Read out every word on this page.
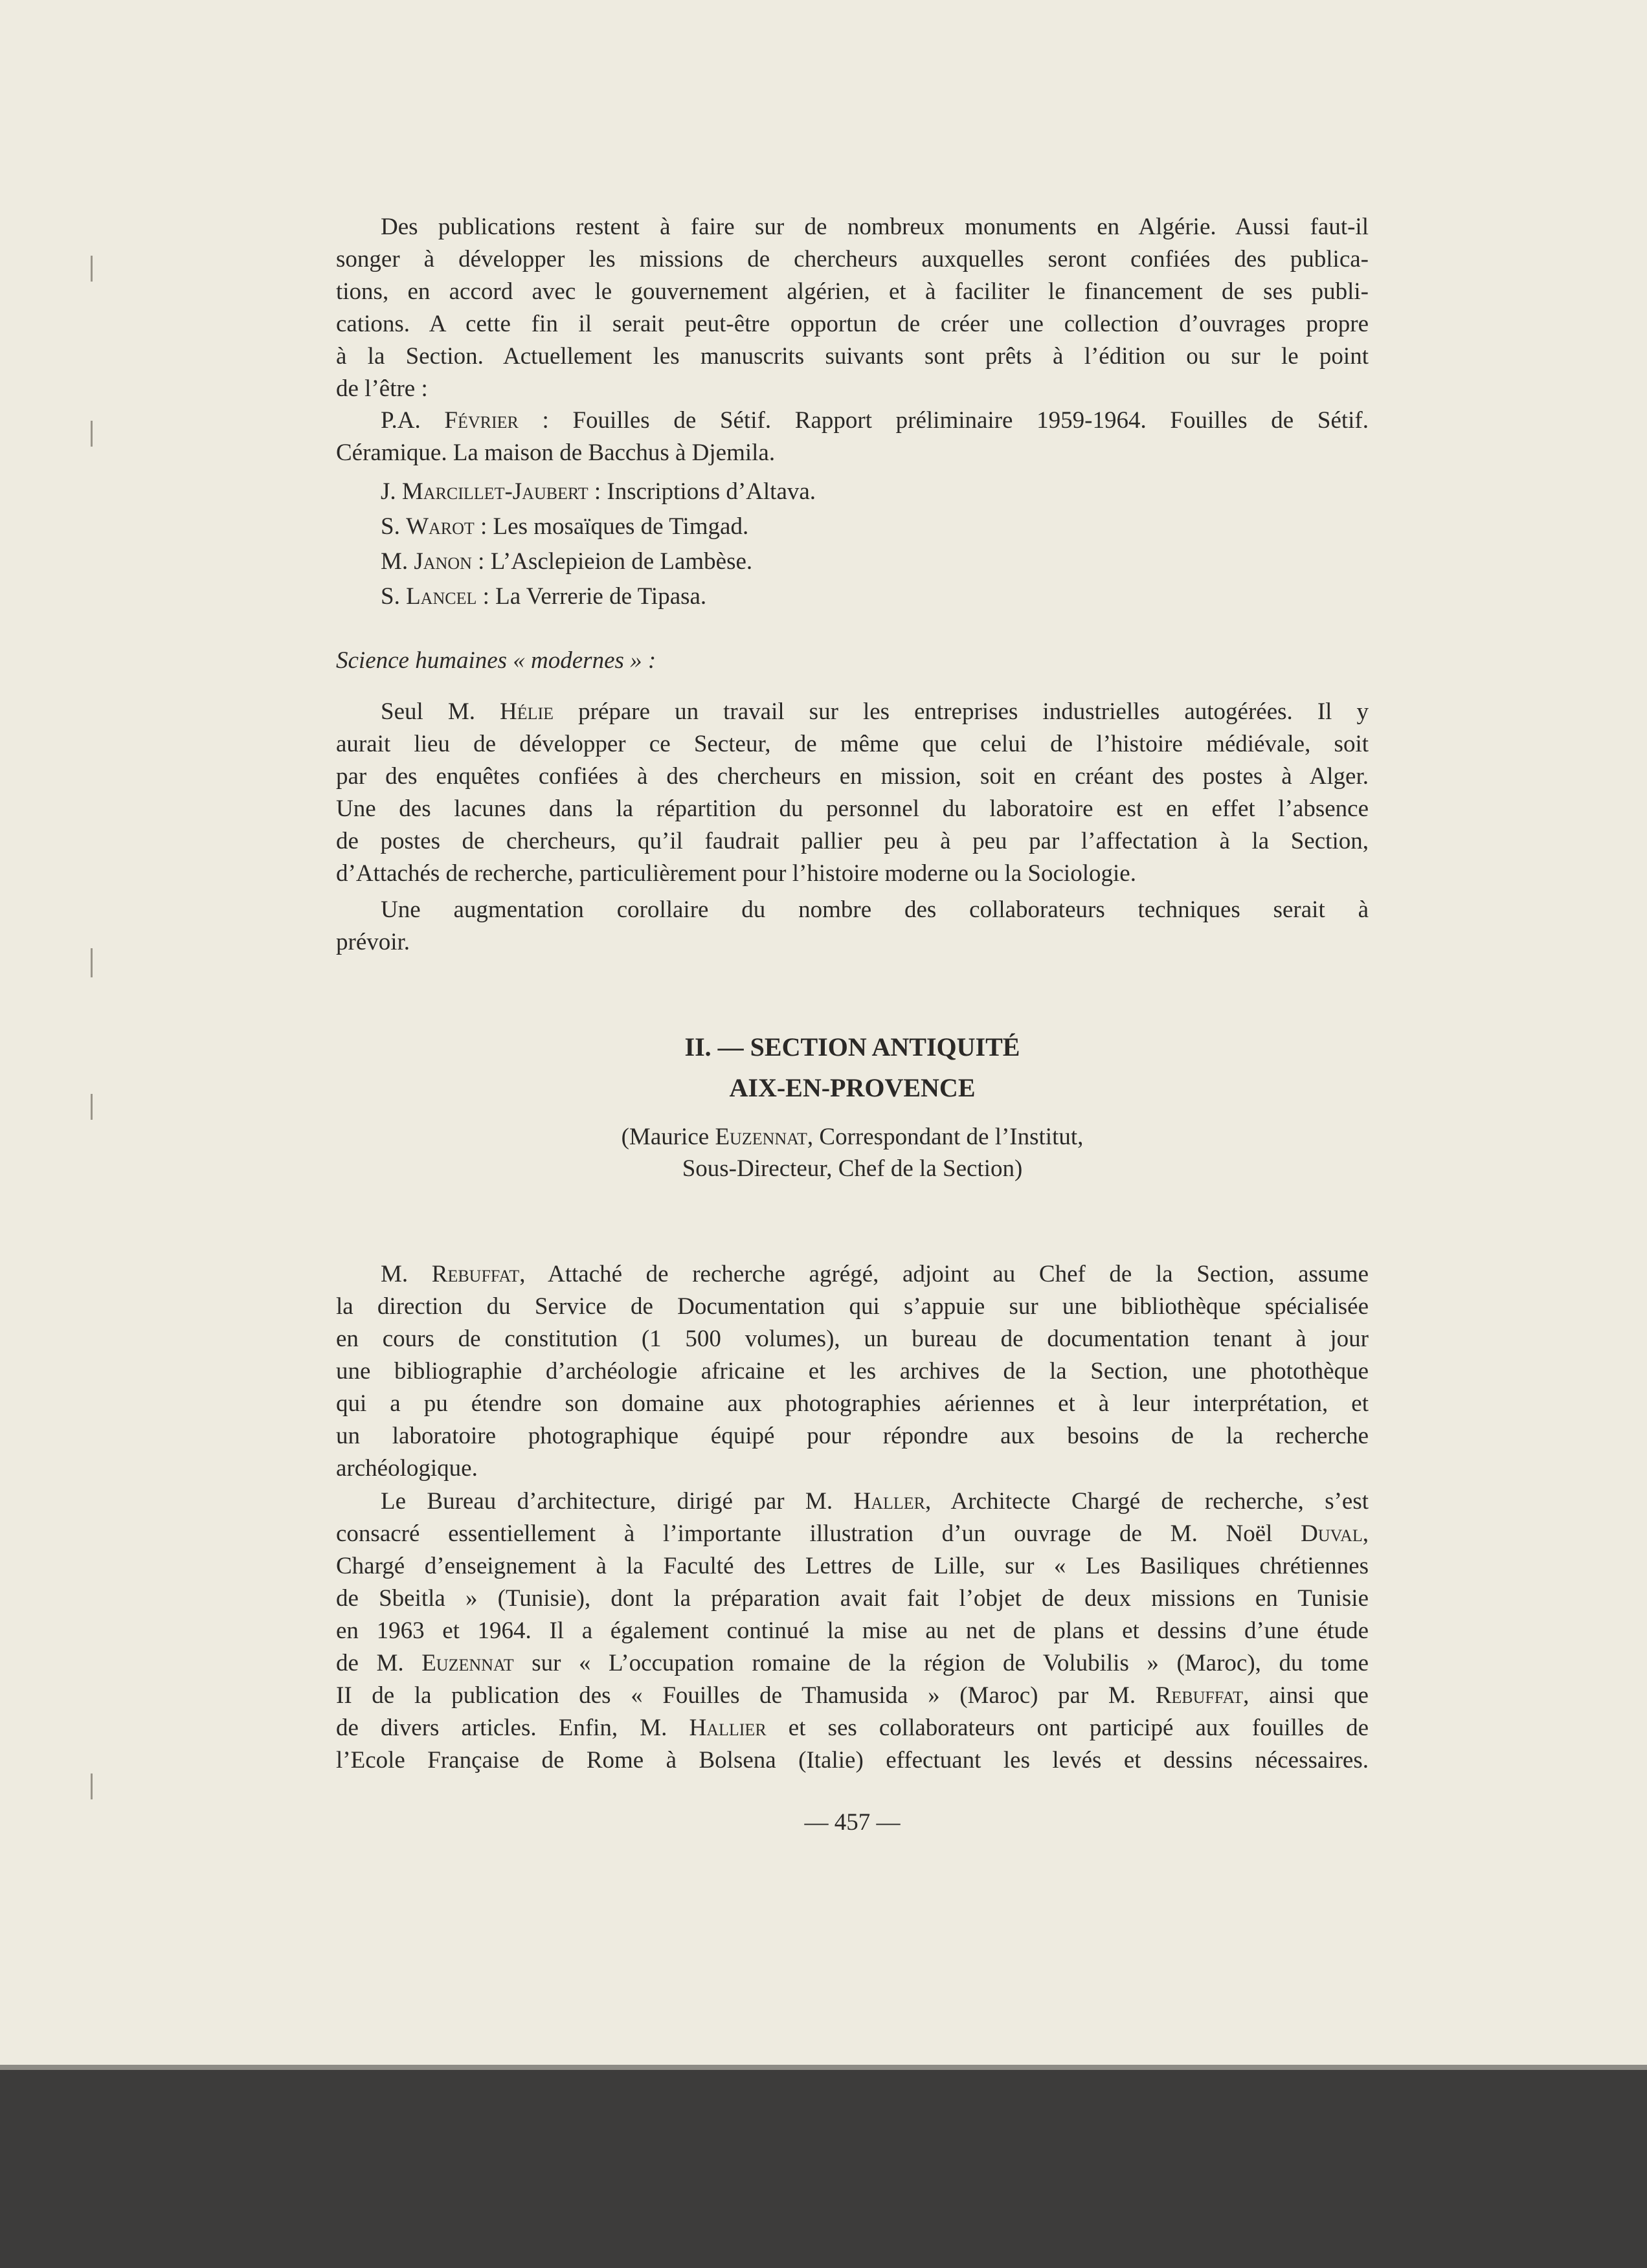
Des publications restent à faire sur de nombreux monuments en Algérie. Aussi faut-il
songer à développer les missions de chercheurs auxquelles seront confiées des publica-
tions, en accord avec le gouvernement algérien, et à faciliter le financement de ses publi-
cations. A cette fin il serait peut-être opportun de créer une collection d’ouvrages propre
à la Section. Actuellement les manuscrits suivants sont prêts à l’édition ou sur le point
de l’être :
P.A. Février : Fouilles de Sétif. Rapport préliminaire 1959-1964. Fouilles de Sétif.
Céramique. La maison de Bacchus à Djemila.
J. Marcillet-Jaubert : Inscriptions d’Altava.
S. Warot : Les mosaïques de Timgad.
M. Janon : L’Asclepieion de Lambèse.
S. Lancel : La Verrerie de Tipasa.
Science humaines « modernes » :
Seul M. Hélie prépare un travail sur les entreprises industrielles autogérées. Il y
aurait lieu de développer ce Secteur, de même que celui de l’histoire médiévale, soit
par des enquêtes confiées à des chercheurs en mission, soit en créant des postes à Alger.
Une des lacunes dans la répartition du personnel du laboratoire est en effet l’absence
de postes de chercheurs, qu’il faudrait pallier peu à peu par l’affectation à la Section,
d’Attachés de recherche, particulièrement pour l’histoire moderne ou la Sociologie.
Une augmentation corollaire du nombre des collaborateurs techniques serait à
prévoir.
II. — SECTION ANTIQUITÉ
AIX-EN-PROVENCE
(Maurice Euzennat, Correspondant de l’Institut,
Sous-Directeur, Chef de la Section)
M. Rebuffat, Attaché de recherche agrégé, adjoint au Chef de la Section, assume
la direction du Service de Documentation qui s’appuie sur une bibliothèque spécialisée
en cours de constitution (1 500 volumes), un bureau de documentation tenant à jour
une bibliographie d’archéologie africaine et les archives de la Section, une photothèque
qui a pu étendre son domaine aux photographies aériennes et à leur interprétation, et
un laboratoire photographique équipé pour répondre aux besoins de la recherche
archéologique.
Le Bureau d’architecture, dirigé par M. Haller, Architecte Chargé de recherche, s’est
consacré essentiellement à l’importante illustration d’un ouvrage de M. Noël Duval,
Chargé d’enseignement à la Faculté des Lettres de Lille, sur « Les Basiliques chrétiennes
de Sbeitla » (Tunisie), dont la préparation avait fait l’objet de deux missions en Tunisie
en 1963 et 1964. Il a également continué la mise au net de plans et dessins d’une étude
de M. Euzennat sur « L’occupation romaine de la région de Volubilis » (Maroc), du tome
II de la publication des « Fouilles de Thamusida » (Maroc) par M. Rebuffat, ainsi que
de divers articles. Enfin, M. Hallier et ses collaborateurs ont participé aux fouilles de
l’Ecole Française de Rome à Bolsena (Italie) effectuant les levés et dessins nécessaires.
— 457 —
